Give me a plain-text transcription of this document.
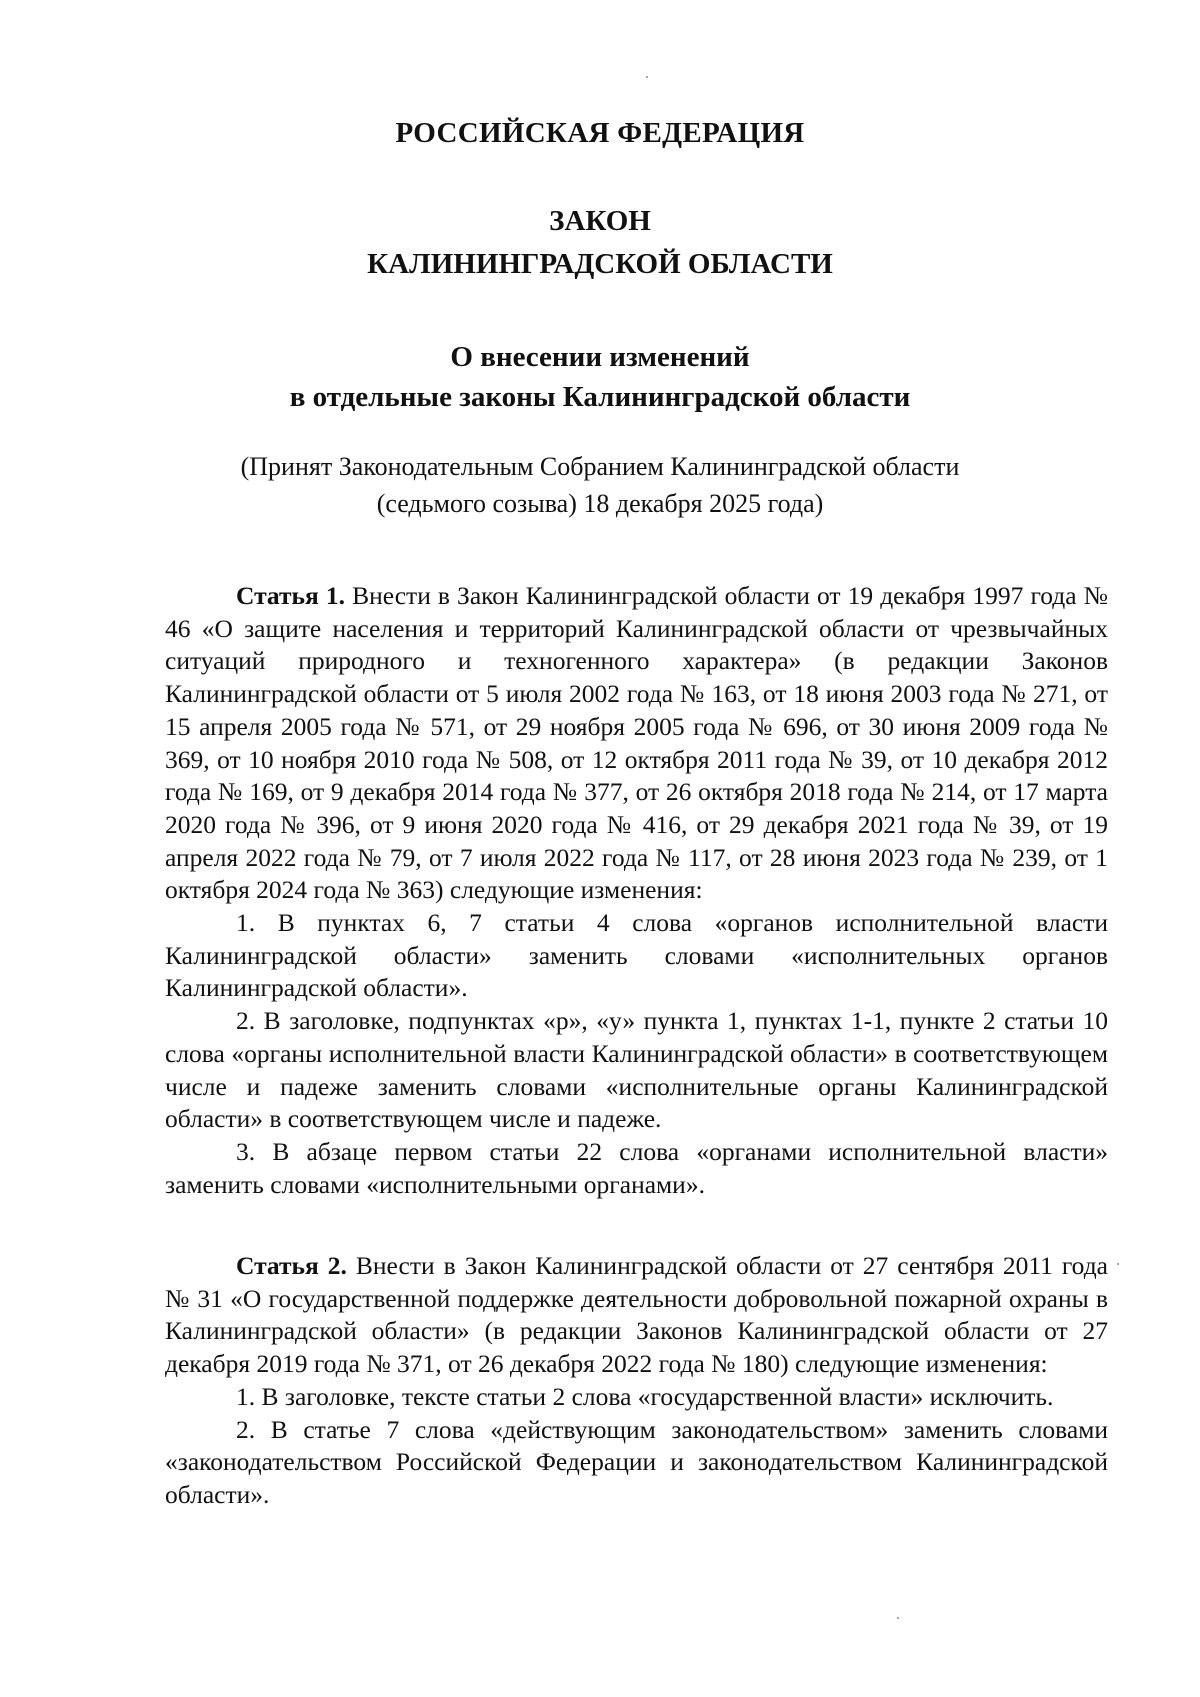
РОССИЙСКАЯ ФЕДЕРАЦИЯ
ЗАКОН
КАЛИНИНГРАДСКОЙ ОБЛАСТИ
О внесении изменений
в отдельные законы Калининградской области
(Принят Законодательным Собранием Калининградской области
(седьмого созыва) 18 декабря 2025 года)

Статья 1. Внести в Закон Калининградской области от 19 декабря 1997 года № 46 «О защите населения и территорий Калининградской области от чрезвычайных ситуаций природного и техногенного характера» (в редакции Законов Калининградской области от 5 июля 2002 года № 163, от 18 июня 2003 года № 271, от 15 апреля 2005 года № 571, от 29 ноября 2005 года № 696, от 30 июня 2009 года № 369, от 10 ноября 2010 года № 508, от 12 октября 2011 года № 39, от 10 декабря 2012 года № 169, от 9 декабря 2014 года № 377, от 26 октября 2018 года № 214, от 17 марта 2020 года № 396, от 9 июня 2020 года № 416, от 29 декабря 2021 года № 39, от 19 апреля 2022 года № 79, от 7 июля 2022 года № 117, от 28 июня 2023 года № 239, от 1 октября 2024 года № 363) следующие изменения:

1. В пунктах 6, 7 статьи 4 слова «органов исполнительной власти Калининградской области» заменить словами «исполнительных органов Калининградской области».

2. В заголовке, подпунктах «р», «у» пункта 1, пунктах 1-1, пункте 2 статьи 10 слова «органы исполнительной власти Калининградской области» в соответствующем числе и падеже заменить словами «исполнительные органы Калининградской области» в соответствующем числе и падеже.

3. В абзаце первом статьи 22 слова «органами исполнительной власти» заменить словами «исполнительными органами».

Статья 2. Внести в Закон Калининградской области от 27 сентября 2011 года № 31 «О государственной поддержке деятельности добровольной пожарной охраны в Калининградской области» (в редакции Законов Калининградской области от 27 декабря 2019 года № 371, от 26 декабря 2022 года № 180) следующие изменения:

1. В заголовке, тексте статьи 2 слова «государственной власти» исключить.

2. В статье 7 слова «действующим законодательством» заменить словами «законодательством Российской Федерации и законодательством Калининградской области».
